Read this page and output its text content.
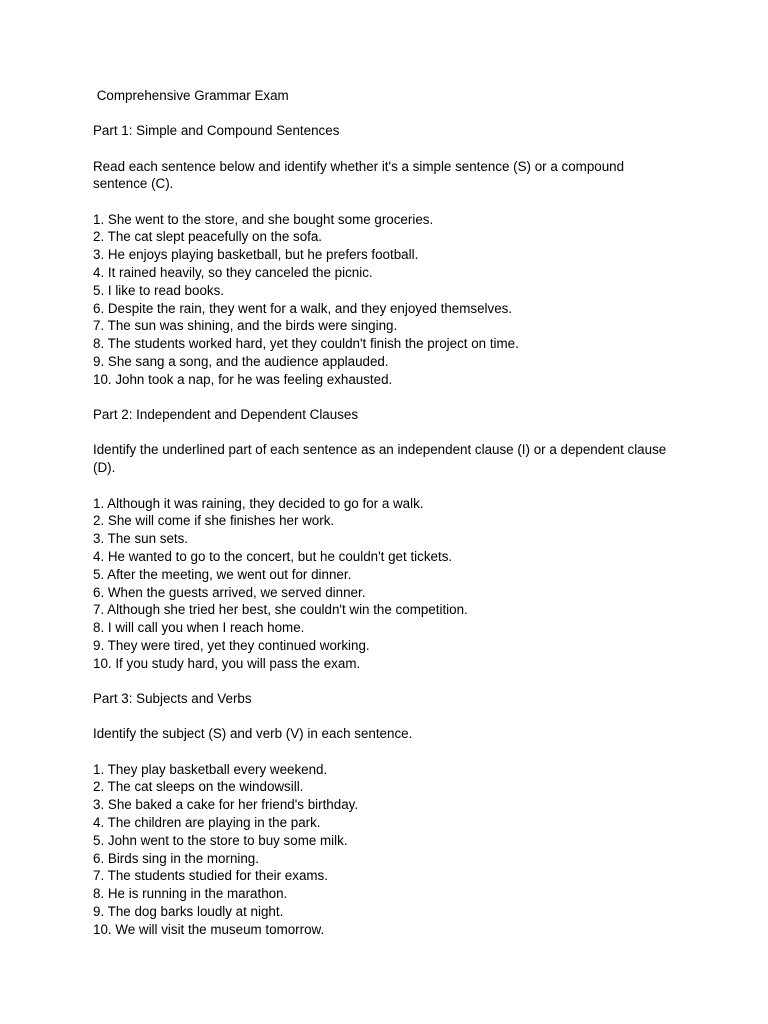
Comprehensive Grammar Exam
Part 1: Simple and Compound Sentences
Read each sentence below and identify whether it's a simple sentence (S) or a compound sentence (C).
1. She went to the store, and she bought some groceries.
2. The cat slept peacefully on the sofa.
3. He enjoys playing basketball, but he prefers football.
4. It rained heavily, so they canceled the picnic.
5. I like to read books.
6. Despite the rain, they went for a walk, and they enjoyed themselves.
7. The sun was shining, and the birds were singing.
8. The students worked hard, yet they couldn't finish the project on time.
9. She sang a song, and the audience applauded.
10. John took a nap, for he was feeling exhausted.
Part 2: Independent and Dependent Clauses
Identify the underlined part of each sentence as an independent clause (I) or a dependent clause (D).
1. Although it was raining, they decided to go for a walk.
2. She will come if she finishes her work.
3. The sun sets.
4. He wanted to go to the concert, but he couldn't get tickets.
5. After the meeting, we went out for dinner.
6. When the guests arrived, we served dinner.
7. Although she tried her best, she couldn't win the competition.
8. I will call you when I reach home.
9. They were tired, yet they continued working.
10. If you study hard, you will pass the exam.
Part 3: Subjects and Verbs
Identify the subject (S) and verb (V) in each sentence.
1. They play basketball every weekend.
2. The cat sleeps on the windowsill.
3. She baked a cake for her friend's birthday.
4. The children are playing in the park.
5. John went to the store to buy some milk.
6. Birds sing in the morning.
7. The students studied for their exams.
8. He is running in the marathon.
9. The dog barks loudly at night.
10. We will visit the museum tomorrow.
